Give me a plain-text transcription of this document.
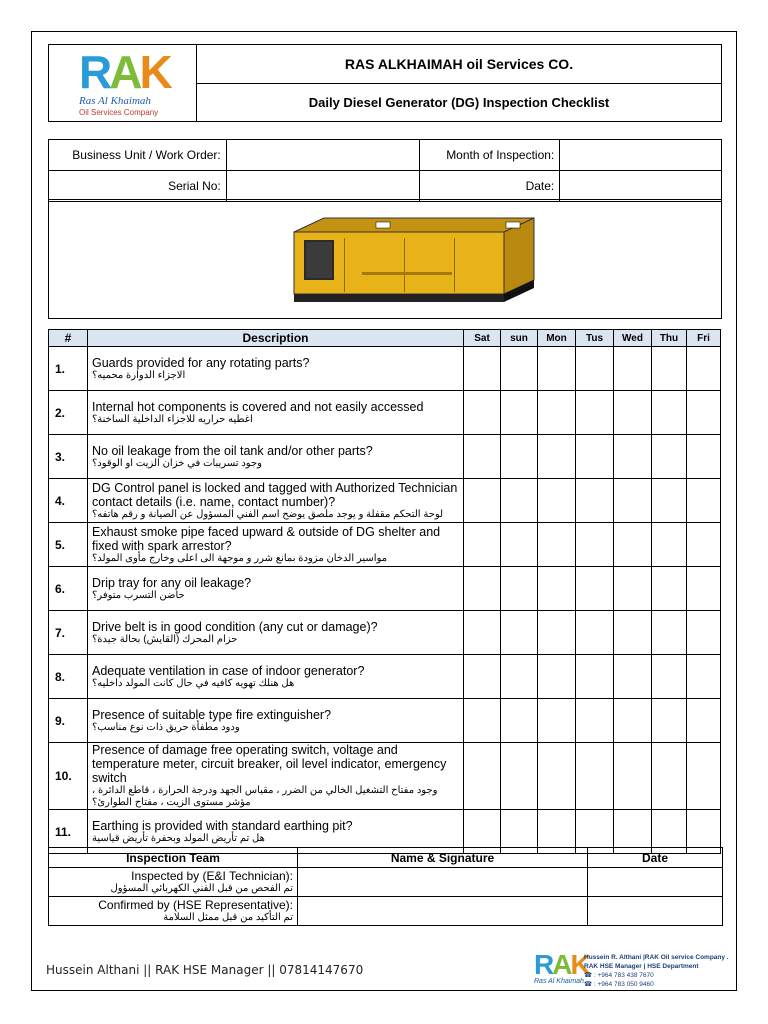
RAK
Ras Al Khaimah
Oil Services Company
RAS ALKHAIMAH oil Services CO.
Daily Diesel Generator (DG) Inspection Checklist
Business Unit / Work Order:		Month of Inspection:	
Serial No:		Date:	
#	Description	Sat	sun	Mon	Tus	Wed	Thu	Fri
1.	Guards provided for any rotating parts?
الاجزاء الدوارة محميه؟							

2.	Internal hot components is covered and not easily accessed
اغطيه حراريه للاجزاء الداخلية الساخنة؟							

3.	No oil leakage from the oil tank and/or other parts?
وجود تسريبات في خزان الزيت او الوقود؟							

4.	DG Control panel is locked and tagged with Authorized Technician contact details (i.e. name, contact number)?
لوحة التحكم مقفلة و يوجد ملصق يوضح اسم الفني المسؤول عن الصيانة و رقم هاتفه؟							

5.	Exhaust smoke pipe faced upward & outside of DG shelter and fixed with spark arrestor?
مواسير الدخان مزودة بمانع شرر و موجهة الى اعلى وخارج مأوى المولد؟							

6.	Drip tray for any oil leakage?
حاضن التسرب متوفر؟							

7.	Drive belt is in good condition (any cut or damage)?
حزام المحرك (القايش) بحالة جيدة؟							

8.	Adequate ventilation in case of indoor generator?
هل هنلك تهويه كافيه في حال كانت المولد داخليه؟							

9.	Presence of suitable type fire extinguisher?
ودود مطفأة حريق ذات نوع مناسب؟							

10.	Presence of damage free operating switch, voltage and temperature meter, circuit breaker, oil level indicator, emergency switch
وجود مفتاح التشغيل الخالي من الضرر ، مقياس الجهد ودرجة الحرارة ، قاطع الدائرة ، مؤشر مستوى الزيت ، مفتاح الطوارئ؟							

11.	Earthing is provided with standard earthing pit?
هل تم تأريض المولد وبحفرة تأريض قياسية							

Inspection Team	Name & Signature	Date

Inspected by (E&I Technician):
تم الفحص من قبل الفني الكهربائي المسؤول		

Confirmed by (HSE Representative):
تم التأكيد من قبل ممثل السلامة		

Hussein Althani || RAK HSE Manager || 07814147670	RAK
Ras Al Khaimah
Hussein R. Althani |RAK Oil service Company .
RAK HSE Manager | HSE Department
☎ : +964 783 438 7670
☎ : +964 783 050 9460
